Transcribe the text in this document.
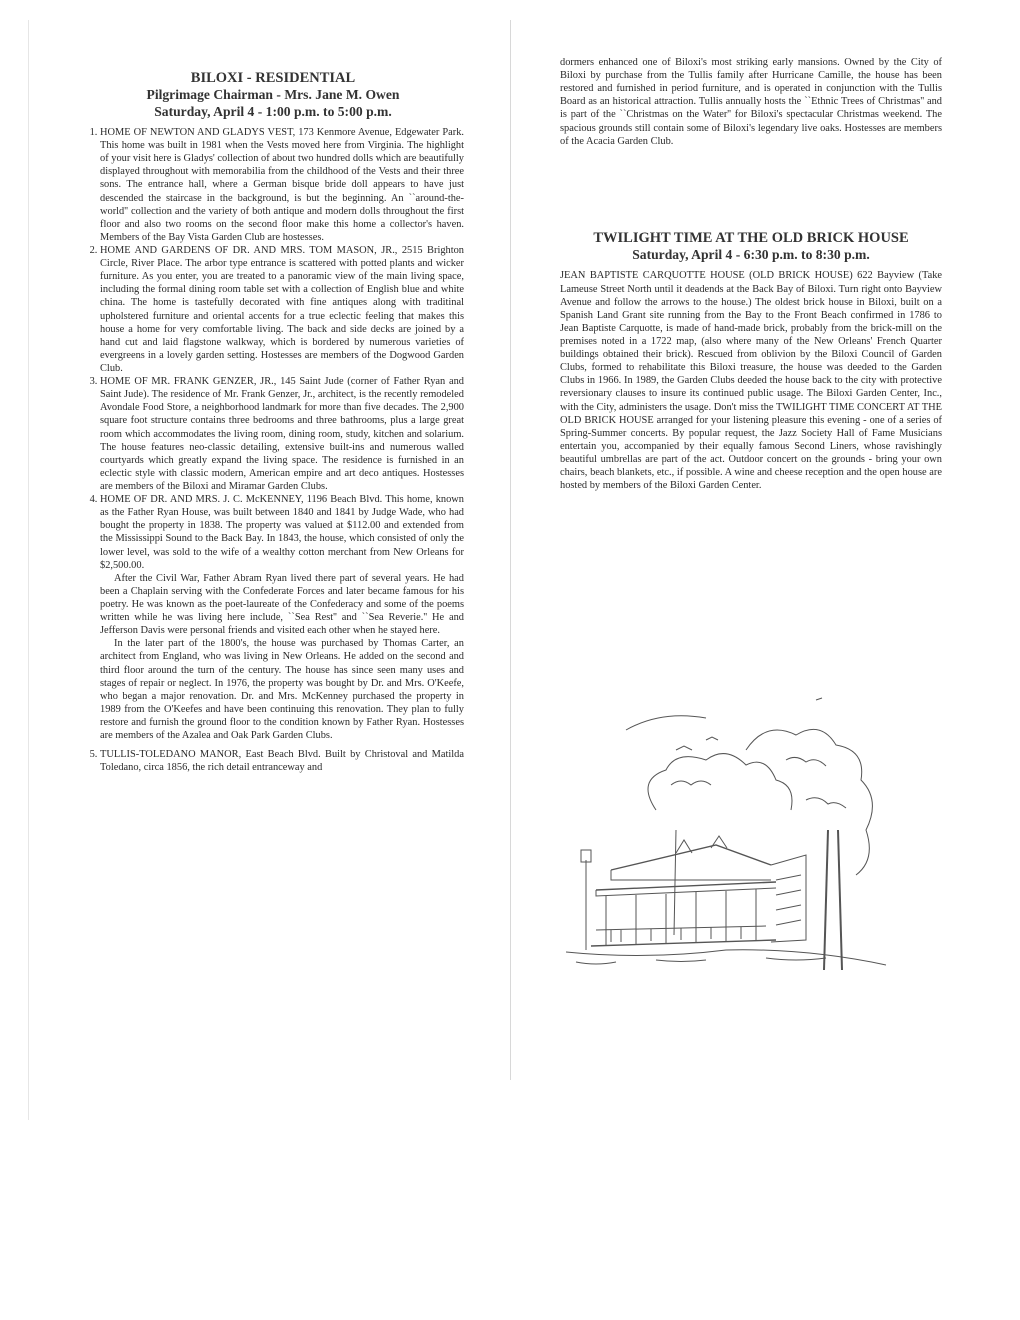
BILOXI - RESIDENTIAL

Pilgrimage Chairman - Mrs. Jane M. Owen

Saturday, April 4 - 1:00 p.m. to 5:00 p.m.

1. HOME OF NEWTON AND GLADYS VEST, 173 Kenmore Avenue, Edgewater Park. This home was built in 1981 when the Vests moved here from Virginia. The highlight of your visit here is Gladys' collection of about two hundred dolls which are beautifully displayed throughout with memorabilia from the childhood of the Vests and their three sons. The entrance hall, where a German bisque bride doll appears to have just descended the staircase in the background, is but the beginning. An ``around-the-world'' collection and the variety of both antique and modern dolls throughout the first floor and also two rooms on the second floor make this home a collector's haven. Members of the Bay Vista Garden Club are hostesses.

2. HOME AND GARDENS OF DR. AND MRS. TOM MASON, JR., 2515 Brighton Circle, River Place. The arbor type entrance is scattered with potted plants and wicker furniture. As you enter, you are treated to a panoramic view of the main living space, including the formal dining room table set with a collection of English blue and white china. The home is tastefully decorated with fine antiques along with traditinal upholstered furniture and oriental accents for a true eclectic feeling that makes this house a home for very comfortable living. The back and side decks are joined by a hand cut and laid flagstone walkway, which is bordered by numerous varieties of evergreens in a lovely garden setting. Hostesses are members of the Dogwood Garden Club.

3. HOME OF MR. FRANK GENZER, JR., 145 Saint Jude (corner of Father Ryan and Saint Jude). The residence of Mr. Frank Genzer, Jr., architect, is the recently remodeled Avondale Food Store, a neighborhood landmark for more than five decades. The 2,900 square foot structure contains three bedrooms and three bathrooms, plus a large great room which accommodates the living room, dining room, study, kitchen and solarium. The house features neo-classic detailing, extensive built-ins and numerous walled courtyards which greatly expand the living space. The residence is furnished in an eclectic style with classic modern, American empire and art deco antiques. Hostesses are members of the Biloxi and Miramar Garden Clubs.

4. HOME OF DR. AND MRS. J. C. McKENNEY, 1196 Beach Blvd. This home, known as the Father Ryan House, was built between 1840 and 1841 by Judge Wade, who had bought the property in 1838. The property was valued at $112.00 and extended from the Mississippi Sound to the Back Bay. In 1843, the house, which consisted of only the lower level, was sold to the wife of a wealthy cotton merchant from New Orleans for $2,500.00.

After the Civil War, Father Abram Ryan lived there part of several years. He had been a Chaplain serving with the Confederate Forces and later became famous for his poetry. He was known as the poet-laureate of the Confederacy and some of the poems written while he was living here include, ``Sea Rest'' and ``Sea Reverie.'' He and Jefferson Davis were personal friends and visited each other when he stayed here.

In the later part of the 1800's, the house was purchased by Thomas Carter, an architect from England, who was living in New Orleans. He added on the second and third floor around the turn of the century. The house has since seen many uses and stages of repair or neglect. In 1976, the property was bought by Dr. and Mrs. O'Keefe, who began a major renovation. Dr. and Mrs. McKenney purchased the property in 1989 from the O'Keefes and have been continuing this renovation. They plan to fully restore and furnish the ground floor to the condition known by Father Ryan. Hostesses are members of the Azalea and Oak Park Garden Clubs.

5. TULLIS-TOLEDANO MANOR, East Beach Blvd. Built by Christoval and Matilda Toledano, circa 1856, the rich detail entranceway and

dormers enhanced one of Biloxi's most striking early mansions. Owned by the City of Biloxi by purchase from the Tullis family after Hurricane Camille, the house has been restored and furnished in period furniture, and is operated in conjunction with the Tullis Board as an historical attraction. Tullis annually hosts the ``Ethnic Trees of Christmas'' and is part of the ``Christmas on the Water'' for Biloxi's spectacular Christmas weekend. The spacious grounds still contain some of Biloxi's legendary live oaks. Hostesses are members of the Acacia Garden Club.

TWILIGHT TIME AT THE OLD BRICK HOUSE

Saturday, April 4 - 6:30 p.m. to 8:30 p.m.

JEAN BAPTISTE CARQUOTTE HOUSE (OLD BRICK HOUSE) 622 Bayview (Take Lameuse Street North until it deadends at the Back Bay of Biloxi. Turn right onto Bayview Avenue and follow the arrows to the house.) The oldest brick house in Biloxi, built on a Spanish Land Grant site running from the Bay to the Front Beach confirmed in 1786 to Jean Baptiste Carquotte, is made of hand-made brick, probably from the brick-mill on the premises noted in a 1722 map, (also where many of the New Orleans' French Quarter buildings obtained their brick). Rescued from oblivion by the Biloxi Council of Garden Clubs, formed to rehabilitate this Biloxi treasure, the house was deeded to the Garden Clubs in 1966. In 1989, the Garden Clubs deeded the house back to the city with protective reversionary clauses to insure its continued public usage. The Biloxi Garden Center, Inc., with the City, administers the usage. Don't miss the TWILIGHT TIME CONCERT AT THE OLD BRICK HOUSE arranged for your listening pleasure this evening - one of a series of Spring-Summer concerts. By popular request, the Jazz Society Hall of Fame Musicians entertain you, accompanied by their equally famous Second Liners, whose ravishingly beautiful umbrellas are part of the act. Outdoor concert on the grounds - bring your own chairs, beach blankets, etc., if possible. A wine and cheese reception and the open house are hosted by members of the Biloxi Garden Center.
